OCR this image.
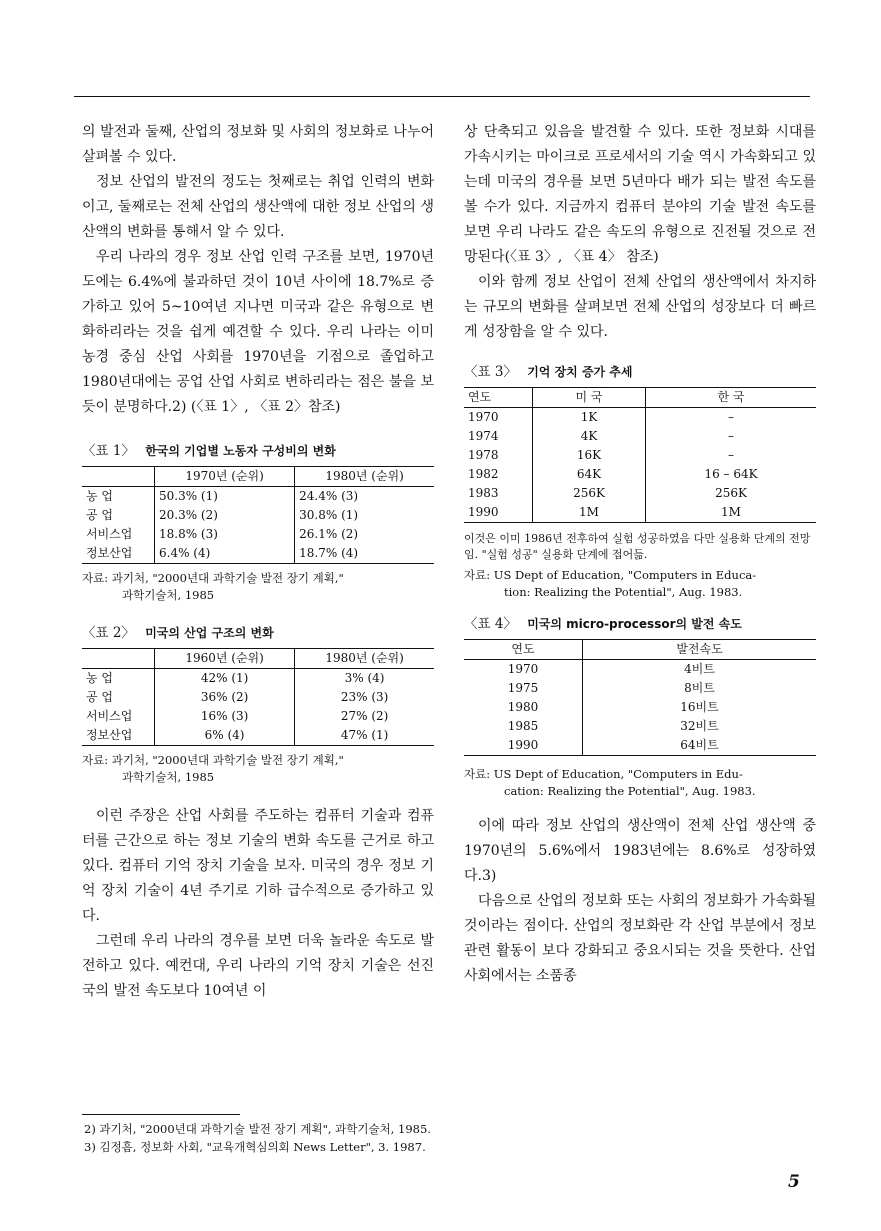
의 발전과 둘째, 산업의 정보화 및 사회의 정보화로 나누어 살펴볼 수 있다.

정보 산업의 발전의 정도는 첫째로는 취업 인력의 변화이고, 둘째로는 전체 산업의 생산액에 대한 정보 산업의 생산액의 변화를 통해서 알 수 있다.

우리 나라의 경우 정보 산업 인력 구조를 보면, 1970년도에는 6.4%에 불과하던 것이 10년 사이에 18.7%로 증가하고 있어 5~10여년 지나면 미국과 같은 유형으로 변화하리라는 것을 쉽게 예견할 수 있다. 우리 나라는 이미 농경 중심 산업 사회를 1970년을 기점으로 졸업하고 1980년대에는 공업 산업 사회로 변하리라는 점은 불을 보듯이 분명하다.2) (〈표 1〉, 〈표 2〉참조)

〈표 1〉 한국의 기업별 노동자 구성비의 변화
	1970년 (순위)	1980년 (순위)
농 업	50.3% (1)	24.4% (3)
공 업	20.3% (2)	30.8% (1)
서비스업	18.8% (3)	26.1% (2)
정보산업	6.4% (4)	18.7% (4)
자료: 과기처, "2000년대 과학기술 발전 장기 계획,"
과학기술처, 1985
〈표 2〉 미국의 산업 구조의 변화
	1960년 (순위)	1980년 (순위)
농 업	42% (1)	3% (4)
공 업	36% (2)	23% (3)
서비스업	16% (3)	27% (2)
정보산업	6% (4)	47% (1)
자료: 과기처, "2000년대 과학기술 발전 장기 계획,"
과학기술처, 1985

이런 주장은 산업 사회를 주도하는 컴퓨터 기술과 컴퓨터를 근간으로 하는 정보 기술의 변화 속도를 근거로 하고 있다. 컴퓨터 기억 장치 기술을 보자. 미국의 경우 정보 기억 장치 기술이 4년 주기로 기하 급수적으로 증가하고 있다.

그런데 우리 나라의 경우를 보면 더욱 놀라운 속도로 발전하고 있다. 예컨대, 우리 나라의 기억 장치 기술은 선진국의 발전 속도보다 10여년 이

상 단축되고 있음을 발견할 수 있다. 또한 정보화 시대를 가속시키는 마이크로 프로세서의 기술 역시 가속화되고 있는데 미국의 경우를 보면 5년마다 배가 되는 발전 속도를 볼 수가 있다. 지금까지 컴퓨터 분야의 기술 발전 속도를 보면 우리 나라도 같은 속도의 유형으로 진전될 것으로 전망된다(〈표 3〉, 〈표 4〉 참조)

이와 함께 정보 산업이 전체 산업의 생산액에서 차지하는 규모의 변화를 살펴보면 전체 산업의 성장보다 더 빠르게 성장함을 알 수 있다.

〈표 3〉 기억 장치 증가 추세
연도	미 국	한 국
1970	1K	–
1974	4K	–
1978	16K	–
1982	64K	16 – 64K
1983	256K	256K
1990	1M	1M
이것은 이미 1986년 전후하여 실험 성공하였음 다만 실용화 단계의 전망임. "실험 성공" 실용화 단계에 접어듦.
자료: US Dept of Education, "Computers in Educa-
tion: Realizing the Potential", Aug. 1983.
〈표 4〉 미국의 micro-processor의 발전 속도
연도	발전속도
1970	4비트
1975	8비트
1980	16비트
1985	32비트
1990	64비트
자료: US Dept of Education, "Computers in Edu-
cation: Realizing the Potential", Aug. 1983.

이에 따라 정보 산업의 생산액이 전체 산업 생산액 중 1970년의 5.6%에서 1983년에는 8.6%로 성장하였다.3)

다음으로 산업의 정보화 또는 사회의 정보화가 가속화될 것이라는 점이다. 산업의 정보화란 각 산업 부분에서 정보 관련 활동이 보다 강화되고 중요시되는 것을 뜻한다. 산업 사회에서는 소품종

2) 과기처, "2000년대 과학기술 발전 장기 계획", 과학기술처, 1985.
3) 김정흠, 정보화 사회, "교육개혁심의회 News Letter", 3. 1987.
5
